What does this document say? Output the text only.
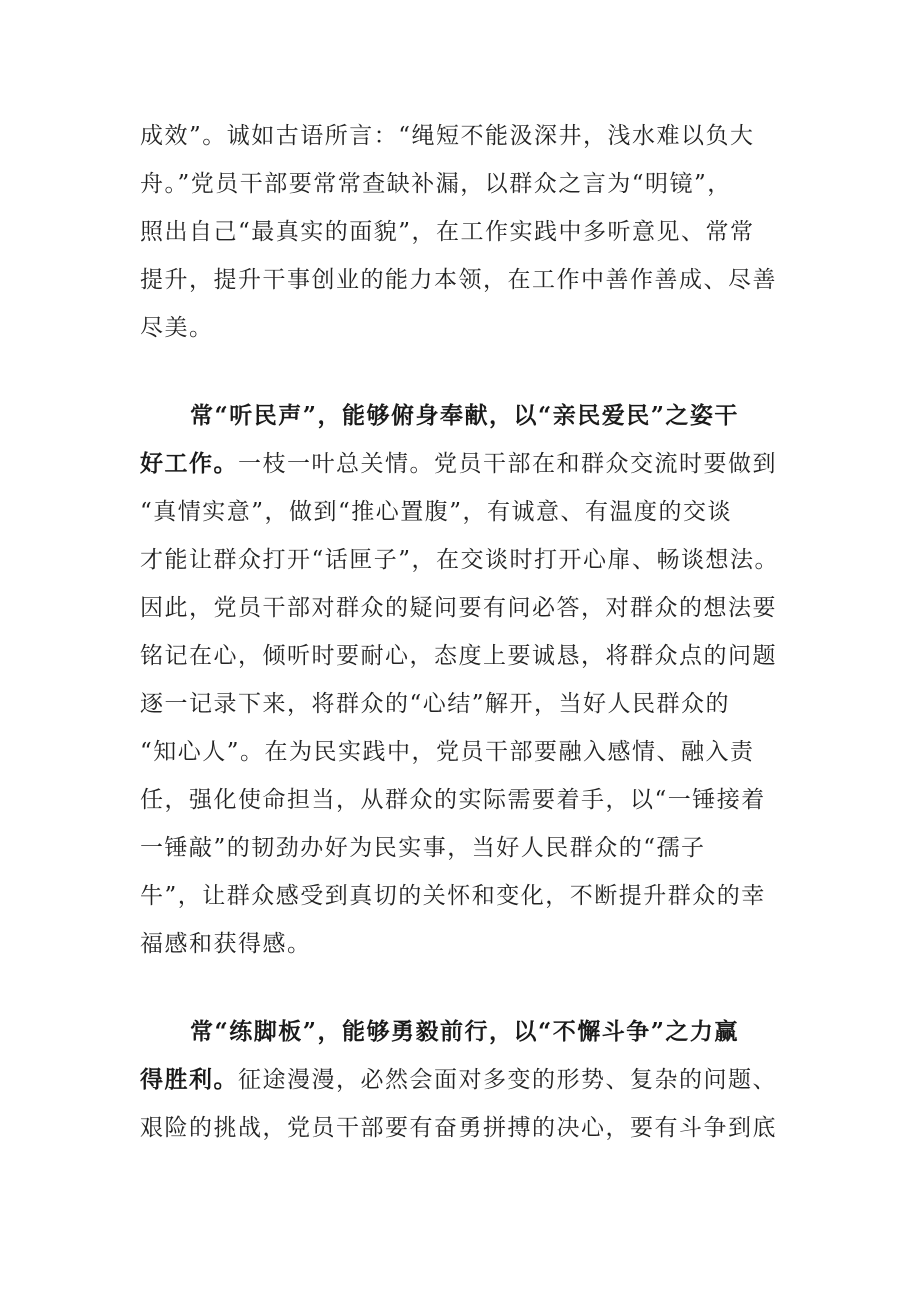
成效”。诚如古语所言：“绳短不能汲深井，浅水难以负大
舟。”党员干部要常常查缺补漏，以群众之言为“明镜”，
照出自己“最真实的面貌”，在工作实践中多听意见、常常
提升，提升干事创业的能力本领，在工作中善作善成、尽善
尽美。
常“听民声”，能够俯身奉献，以“亲民爱民”之姿干
好工作。一枝一叶总关情。党员干部在和群众交流时要做到
“真情实意”，做到“推心置腹”，有诚意、有温度的交谈
才能让群众打开“话匣子”，在交谈时打开心扉、畅谈想法。
因此，党员干部对群众的疑问要有问必答，对群众的想法要
铭记在心，倾听时要耐心，态度上要诚恳，将群众点的问题
逐一记录下来，将群众的“心结”解开，当好人民群众的
“知心人”。在为民实践中，党员干部要融入感情、融入责
任，强化使命担当，从群众的实际需要着手，以“一锤接着
一锤敲”的韧劲办好为民实事，当好人民群众的“孺子
牛”，让群众感受到真切的关怀和变化，不断提升群众的幸
福感和获得感。
常“练脚板”，能够勇毅前行，以“不懈斗争”之力赢
得胜利。征途漫漫，必然会面对多变的形势、复杂的问题、
艰险的挑战，党员干部要有奋勇拼搏的决心，要有斗争到底
